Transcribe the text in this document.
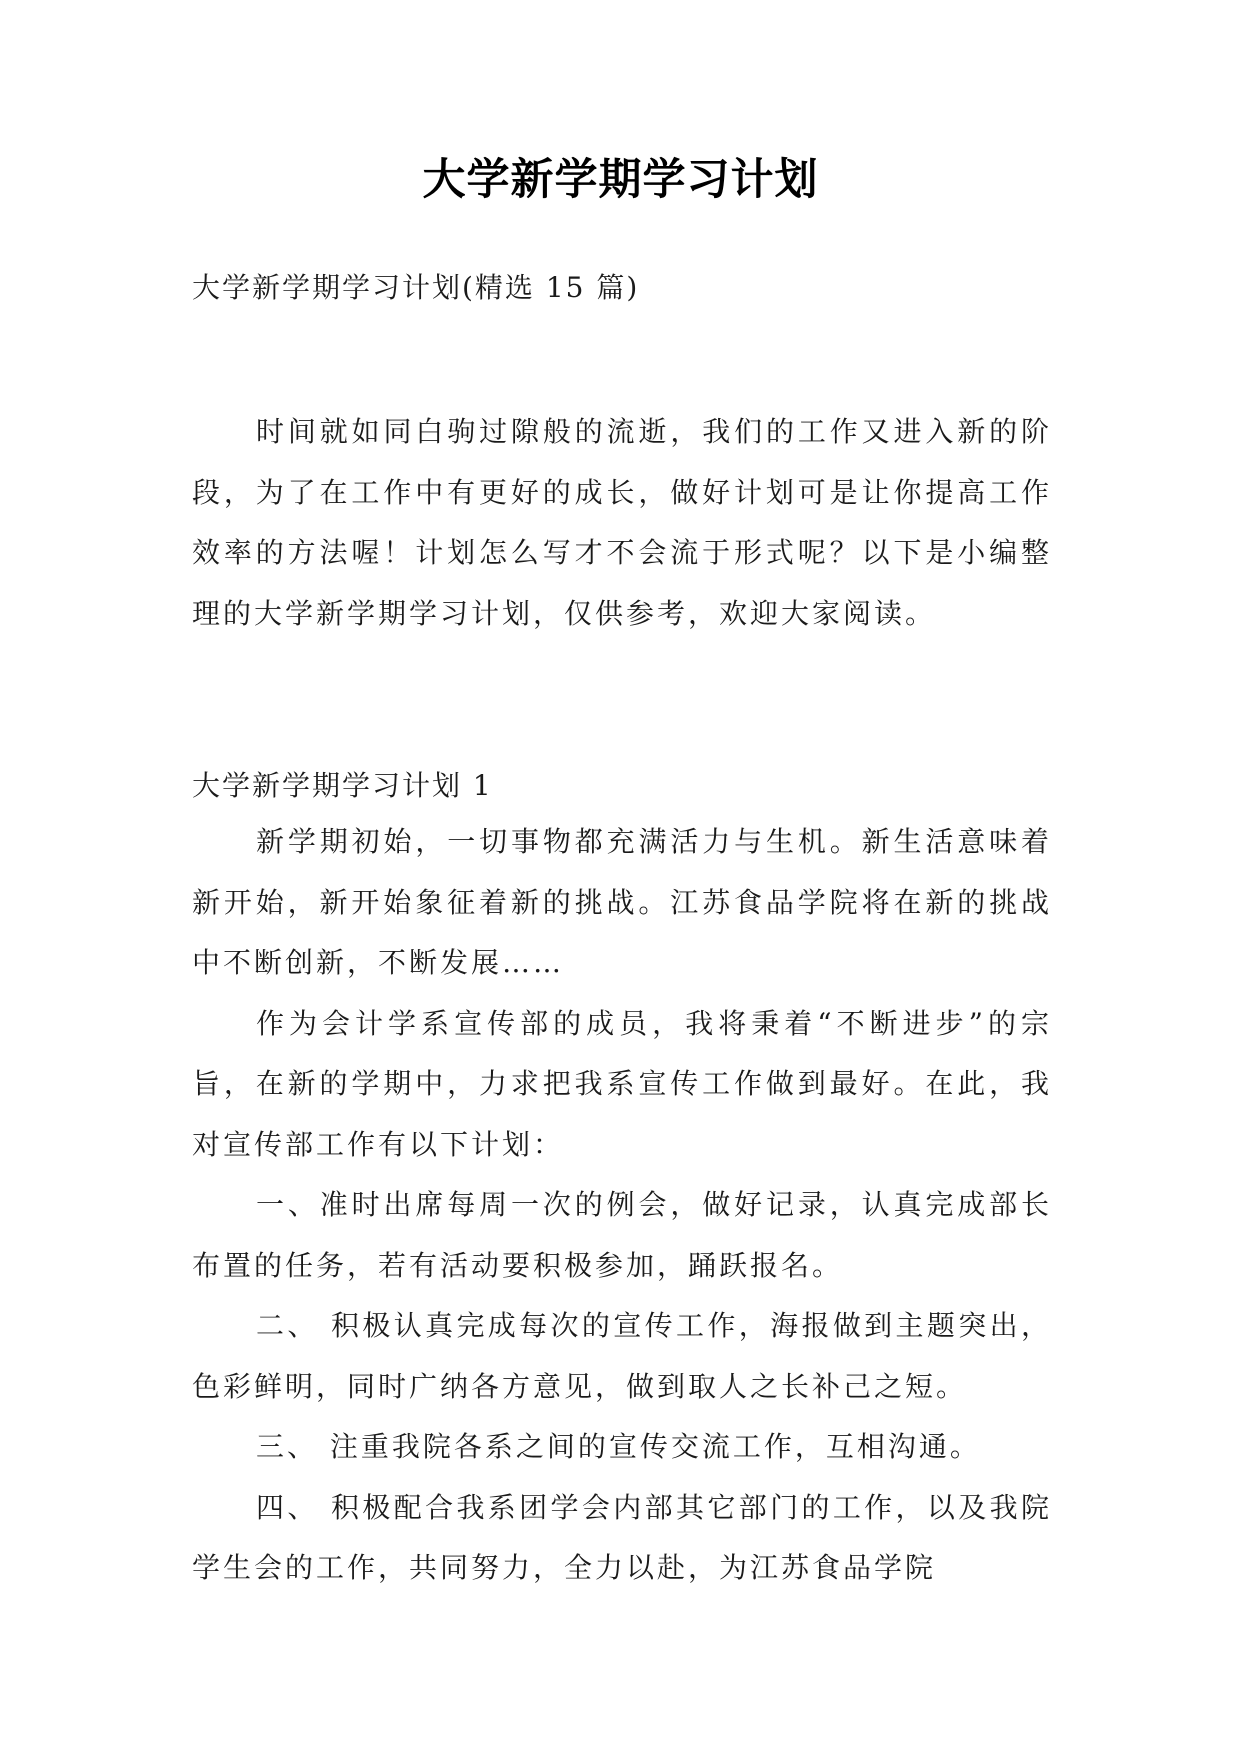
大学新学期学习计划

大学新学期学习计划(精选 15 篇)

时间就如同白驹过隙般的流逝，我们的工作又进入新的阶段，为了在工作中有更好的成长，做好计划可是让你提高工作效率的方法喔！计划怎么写才不会流于形式呢？以下是小编整理的大学新学期学习计划，仅供参考，欢迎大家阅读。

大学新学期学习计划 1

新学期初始，一切事物都充满活力与生机。新生活意味着新开始，新开始象征着新的挑战。江苏食品学院将在新的挑战中不断创新，不断发展……

作为会计学系宣传部的成员，我将秉着“不断进步”的宗旨，在新的学期中，力求把我系宣传工作做到最好。在此，我对宣传部工作有以下计划：

一、准时出席每周一次的例会，做好记录，认真完成部长布置的任务，若有活动要积极参加，踊跃报名。

二、 积极认真完成每次的宣传工作，海报做到主题突出，色彩鲜明，同时广纳各方意见，做到取人之长补己之短。

三、 注重我院各系之间的宣传交流工作，互相沟通。

四、 积极配合我系团学会内部其它部门的工作，以及我院学生会的工作，共同努力，全力以赴，为江苏食品学院
